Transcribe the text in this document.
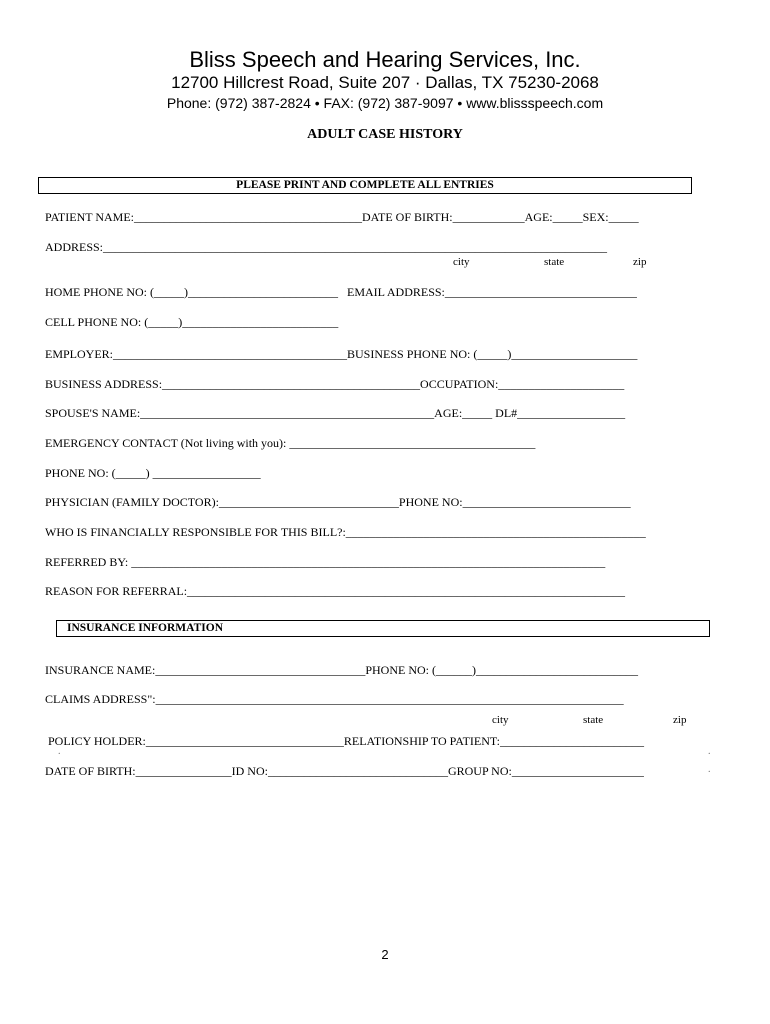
Bliss Speech and Hearing Services, Inc.
12700 Hillcrest Road, Suite 207 · Dallas, TX 75230-2068
Phone: (972) 387-2824 • FAX: (972) 387-9097 • www.blissspeech.com
ADULT CASE HISTORY
PLEASE PRINT AND COMPLETE ALL ENTRIES
PATIENT NAME:______________________________________DATE OF BIRTH:____________AGE:_____SEX:_____
ADDRESS:____________________________________________________________________________________
city	state	zip
HOME PHONE NO: (_____)_________________________   EMAIL ADDRESS:________________________________
CELL PHONE NO: (_____)__________________________
EMPLOYER:_______________________________________BUSINESS PHONE NO: (_____)_____________________
BUSINESS ADDRESS:___________________________________________OCCUPATION:_____________________
SPOUSE'S NAME:_________________________________________________AGE:_____ DL#__________________
EMERGENCY CONTACT (Not living with you): _________________________________________
PHONE NO: (_____) __________________
PHYSICIAN (FAMILY DOCTOR):______________________________PHONE NO:____________________________
WHO IS FINANCIALLY RESPONSIBLE FOR THIS BILL?:__________________________________________________
REFERRED BY: _______________________________________________________________________________
REASON FOR REFERRAL:_________________________________________________________________________
INSURANCE INFORMATION
INSURANCE NAME:___________________________________PHONE NO: (______)___________________________
CLAIMS ADDRESS":______________________________________________________________________________
city	state	zip
POLICY HOLDER:_________________________________RELATIONSHIP TO PATIENT:________________________
DATE OF BIRTH:________________ID NO:______________________________GROUP NO:______________________
.	.
.
2
